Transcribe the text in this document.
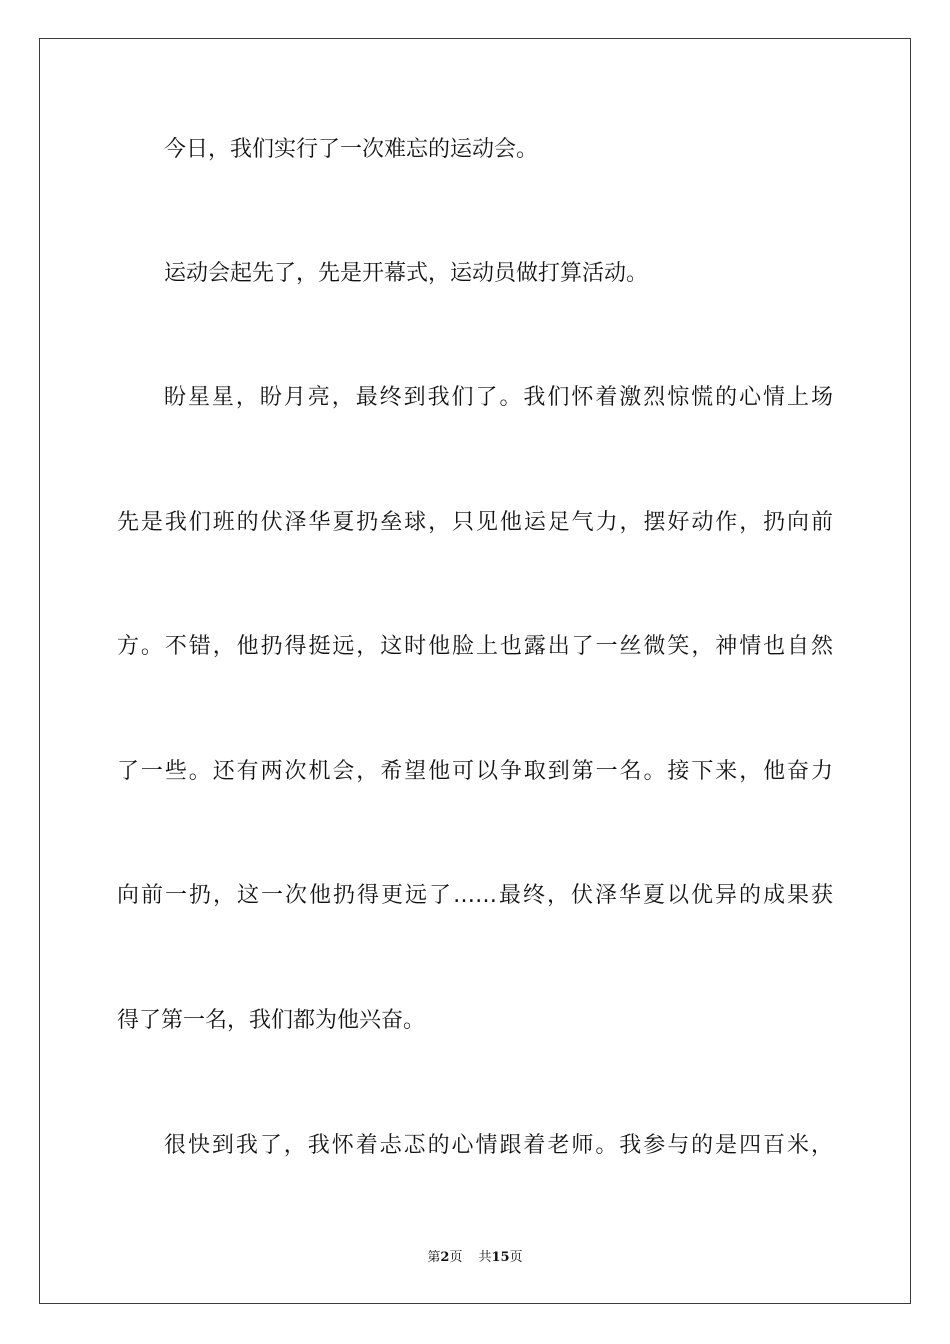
今日，我们实行了一次难忘的运动会。
运动会起先了，先是开幕式，运动员做打算活动。
盼星星，盼月亮，最终到我们了。我们怀着激烈惊慌的心情上场
先是我们班的伏泽华夏扔垒球，只见他运足气力，摆好动作，扔向前
方。不错，他扔得挺远，这时他脸上也露出了一丝微笑，神情也自然
了一些。还有两次机会，希望他可以争取到第一名。接下来，他奋力
向前一扔，这一次他扔得更远了……最终，伏泽华夏以优异的成果获
得了第一名，我们都为他兴奋。
很快到我了，我怀着忐忑的心情跟着老师。我参与的是四百米，
第2页 共15页
